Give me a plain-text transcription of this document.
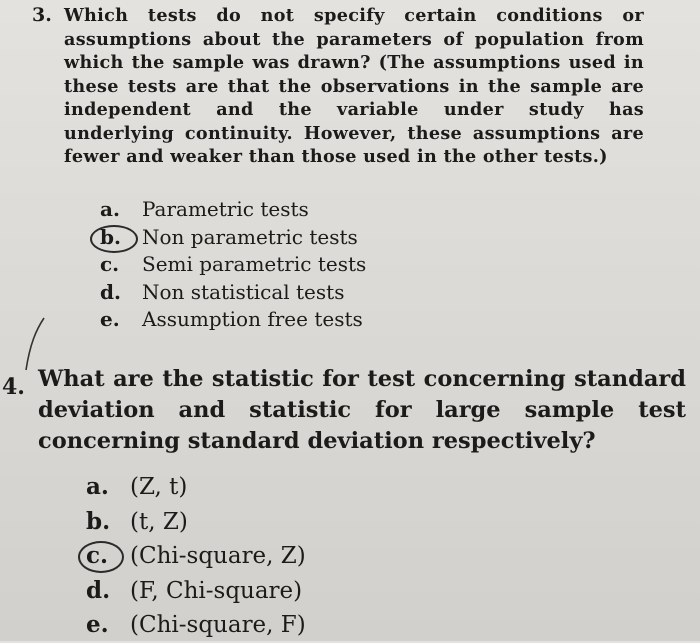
3. Which tests do not specify certain conditions or assumptions about the parameters of population from which the sample was drawn? (The assumptions used in these tests are that the observations in the sample are independent and the variable under study has underlying continuity. However, these assumptions are fewer and weaker than those used in the other tests.)
a. Parametric tests
b. Non parametric tests
c. Semi parametric tests
d. Non statistical tests
e. Assumption free tests
4. What are the statistic for test concerning standard deviation and statistic for large sample test concerning standard deviation respectively?
a. (Z, t)
b. (t, Z)
c. (Chi-square, Z)
d. (F, Chi-square)
e. (Chi-square, F)
